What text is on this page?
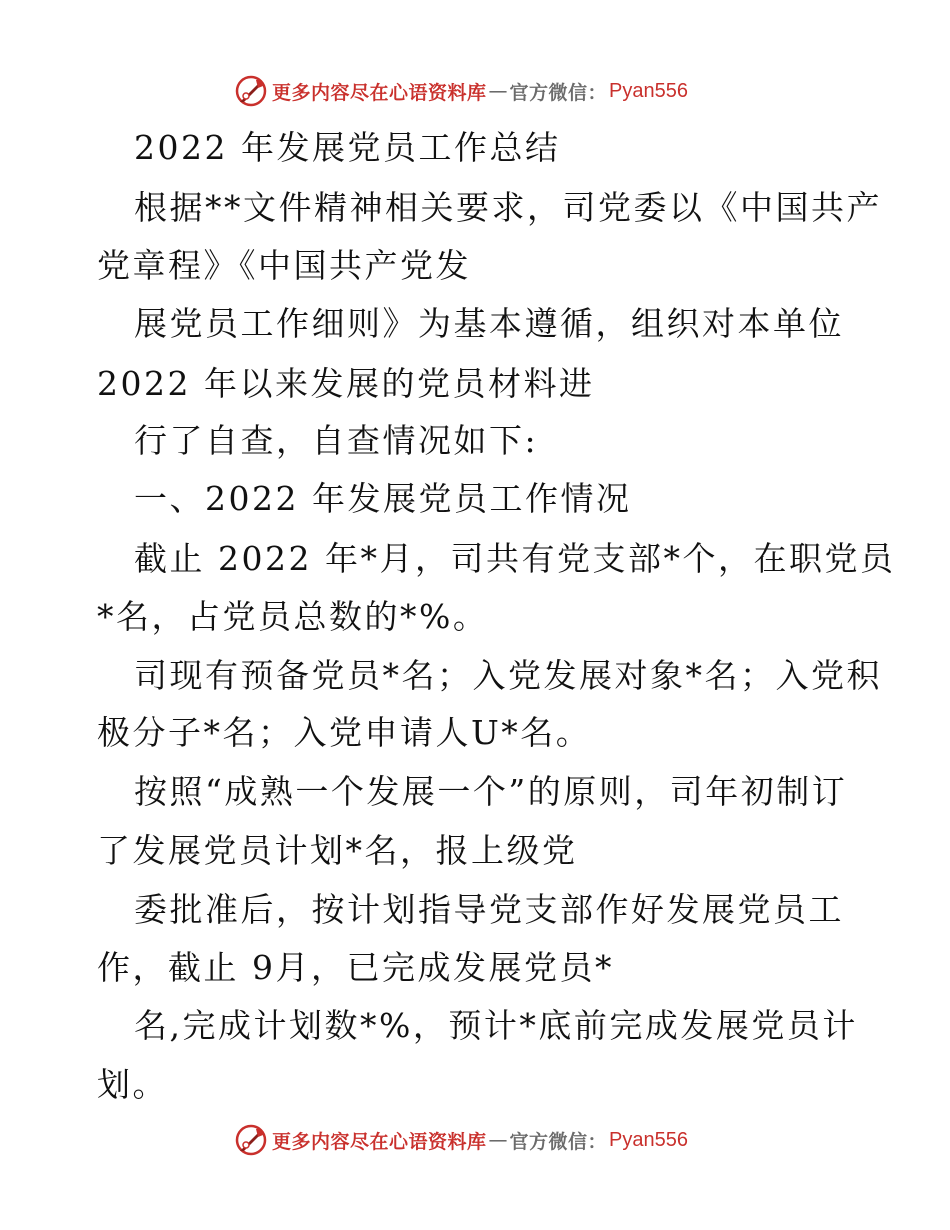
更多内容尽在心语资料库 — 官方微信： Pyan556
2022 年发展党员工作总结
根据**文件精神相关要求，司党委以《中国共产
党章程》《中国共产党发
展党员工作细则》为基本遵循，组织对本单位
2022 年以来发展的党员材料进
行了自查，自查情况如下:
一、2022 年发展党员工作情况
截止 2022 年*月，司共有党支部*个，在职党员
*名，占党员总数的*%。
司现有预备党员*名；入党发展对象*名；入党积
极分子*名；入党申请人U*名。
按照“成熟一个发展一个”的原则，司年初制订
了发展党员计划*名，报上级党
委批准后，按计划指导党支部作好发展党员工
作，截止 9月，已完成发展党员*
名,完成计划数*%，预计*底前完成发展党员计
划。
更多内容尽在心语资料库 — 官方微信： Pyan556
